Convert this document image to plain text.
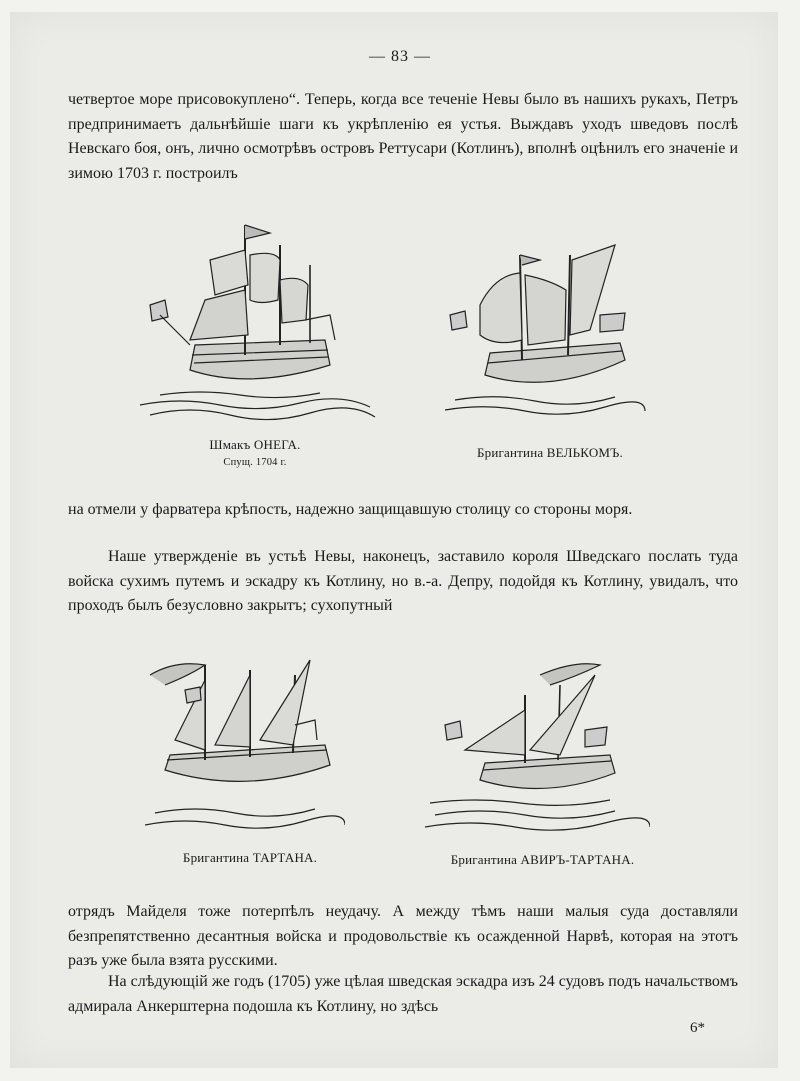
— 83 —

четвертое море присовокуплено“. Теперь, когда все теченіе Невы было въ нашихъ рукахъ, Петръ предпринимаетъ дальнѣйшіе шаги къ укрѣпленію ея устья. Выждавъ уходъ шведовъ послѣ Невскаго боя, онъ, лично осмотрѣвъ островъ Реттусари (Котлинъ), вполнѣ оцѣнилъ его значеніе и зимою 1703 г. построилъ

Шмакъ ОНЕГА.
Спущ. 1704 г.
Бригантина ВЕЛЬКОМЪ.

на отмели у фарватера крѣпость, надежно защищавшую столицу со стороны моря.

Наше утвержденіе въ устьѣ Невы, наконецъ, заставило короля Шведскаго послать туда войска сухимъ путемъ и эскадру къ Котлину, но в.-а. Депру, подойдя къ Котлину, увидалъ, что проходъ былъ безусловно закрытъ; сухопутный

Бригантина ТАРТАНА.	Бригантина АВИРЪ-ТАРТАНА.

отрядъ Майделя тоже потерпѣлъ неудачу. А между тѣмъ наши малыя суда доставляли безпрепятственно десантныя войска и продовольствіе къ осажденной Нарвѣ, которая на этотъ разъ уже была взята русскими.

На слѣдующій же годъ (1705) уже цѣлая шведская эскадра изъ 24 судовъ подъ начальствомъ адмирала Анкерштерна подошла къ Котлину, но здѣсь

6*
